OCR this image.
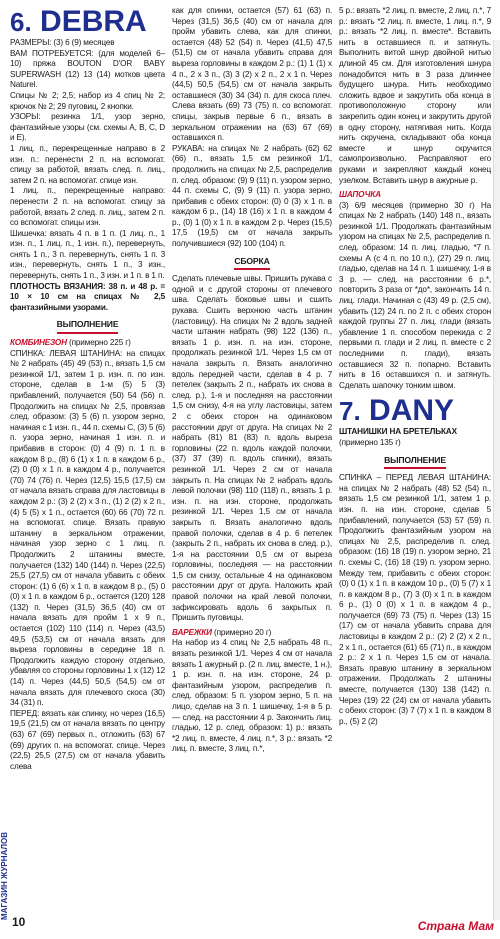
6. DEBRA

РАЗМЕРЫ: (3) 6 (9) месяцев

ВАМ ПОТРЕБУЕТСЯ: (для моделей 6–10) пряжа BOUTON D'OR BABY SUPERWASH (12) 13 (14) мотков цвета Naturel.

Спицы № 2; 2,5; набор из 4 спиц № 2; крючок № 2; 29 пуговиц, 2 кнопки.

УЗОРЫ: резинка 1/1, узор зерно, фантазийные узоры (см. схемы А, В, С, D и Е).

1 лиц. п., перекрещенные направо в 2 изн. п.: перенести 2 п. на вспомогат. спицу за работой, вязать след. п. лиц., затем 2 п. на вспомогат. спице изн.

1 лиц. п., перекрещенные направо: перенести 2 п. на вспомогат. спицу за работой, вязать 2 след. п. лиц., затем 2 п. со вспомогат. спицы изн.

Шишечка: вязать 4 п. в 1 п. (1 лиц. п., 1 изн. п., 1 лиц. п., 1 изн. п.), перевернуть, снять 1 п., 3 п. перевернуть, снять 1 п. 3 изн., перевернуть, снять 1 п., 3 изн., перевернуть, снять 1 п., 3 изн. и 1 п. в 1 п.

ПЛОТНОСТЬ ВЯЗАНИЯ: 38 п. и 48 р. = 10 × 10 см на спицах № 2,5 фантазийными узорами.

ВЫПОЛНЕНИЕ

КОМБИНЕЗОН (примерно 225 г)

СПИНКА: ЛЕВАЯ ШТАНИНА: на спицах № 2 набрать (45) 49 (53) п., вязать 1,5 см резинкой 1/1, затем 1 р. изн. п. по изн. стороне, сделав в 1-м (5) 5 (3) прибавлений, получается (50) 54 (56) п. Продолжить на спицах № 2,5, провязав след. образом: (3) 5 (6) п. узором зерно, начиная с 1 изн. п., 44 п. схемы С, (3) 5 (6) п. узора зерно, начиная 1 изн. п. и прибавив в сторон: (0) 4 (9) п. 1 п. в каждом 8 р., (8) 6 (1) х 1 п. в каждом 6 р., (2) 0 (0) х 1 п. в каждом 4 р., получается (70) 74 (76) п. Через (12,5) 15,5 (17,5) см от начала вязать справа для ластовицы в каждом 2 р.: (3) 2 (2) х 3 п., (1) 2 (2) х 2 п., (4) 5 (5) х 1 п., остается (60) 66 (70) 72 п. на вспомогат. спице. Вязать правую штанину в зеркальном отражении, начиная узор зерно с 1 лиц. п. Продолжить 2 штанины вместе, получается (132) 140 (144) п. Через (22,5) 25,5 (27,5) см от начала убавить с обеих сторон: (1) 6 (6) х 1 п. в каждом 8 р., (5) 0 (0) х 1 п. в каждом 6 р., остается (120) 128 (132) п. Через (31,5) 36,5 (40) см от начала вязать для пройм 1 х 9 п., остается (102) 110 (114) п. Через (43,5) 49,5 (53,5) см от начала вязать для выреза горловины в середине 18 п. Продолжить каждую сторону отдельно, убавляя со стороны горловины 1 х (12) 12 (14) п. Через (44,5) 50,5 (54,5) см от начала вязать для плечевого скоса (30) 34 (31) п.

ПЕРЕД: вязать как спинку, но через (16,5) 19,5 (21,5) см от начала вязать по центру (63) 67 (69) первых п., отложить (63) 67 (69) других п. на вспомогат. спице. Через (22,5) 25,5 (27,5) см от начала убавить слева

как для спинки, остается (57) 61 (63) п. Через (31,5) 36,5 (40) см от начала для пройм убавить слева, как для спинки, остается (48) 52 (54) п. Через (41,5) 47,5 (51,5) см от начала убавить справа для выреза горловины в каждом 2 р.: (1) 1 (1) х 4 п., 2 х 3 п., (3) 3 (2) х 2 п., 2 х 1 п. Через (44,5) 50,5 (54,5) см от начала закрыть оставшиеся (30) 34 (34) п. для скоса плеч. Слева вязать (69) 73 (75) п. со вспомогат. спицы, закрыв первые 6 п., вязать в зеркальном отражении на (63) 67 (69) оставшихся п.

РУКАВА: на спицах № 2 набрать (62) 62 (66) п., вязать 1,5 см резинкой 1/1, продолжить на спицах № 2,5, распределив п. след. образом: (9) 9 (11) п. узором зерно, 44 п. схемы С, (9) 9 (11) п. узора зерно, прибавив с обеих сторон: (0) 0 (3) х 1 п. в каждом 6 р., (14) 18 (16) х 1 п. в каждом 4 р., (0) 1 (0) х 1 п. в каждом 2 р. Через (15,5) 17,5 (19,5) см от начала закрыть получившиеся (92) 100 (104) п.

СБОРКА

Сделать плечевые швы. Пришить рукава с одной и с другой стороны от плечевого шва. Сделать боковые швы и сшить рукава. Сшить верхнюю часть штанин (ластовицу). На спицах № 2 вдоль задней части штанин набрать (98) 122 (136) п., вязать 1 р. изн. п. на изн. стороне, продолжать резинкой 1/1. Через 1,5 см от начала закрыть п. Вязать аналогично вдоль передней части, сделав в 4 р. 7 петелек (закрыть 2 п., набрать их снова в след. р.), 1-я и последняя на расстоянии 1,5 см снизу, 4-я на углу ластовицы, затем 2 с обеих сторон на одинаковом расстоянии друг от друга. На спицах № 2 набрать (81) 81 (83) п. вдоль выреза горловины (22 п. вдоль каждой полочки, (37) 37 (39) п. вдоль спинки), вязать резинкой 1/1. Через 2 см от начала закрыть п. На спицах № 2 набрать вдоль левой полочки (98) 110 (118) п., вязать 1 р. изн. п. на изн. стороне, продолжать резинкой 1/1. Через 1,5 см от начала закрыть п. Вязать аналогично вдоль правой полочки, сделав в 4 р. 6 петелек (закрыть 2 п., набрать их снова в след. р.), 1-я на расстоянии 0,5 см от выреза горловины, последняя — на расстоянии 1,5 см снизу, остальные 4 на одинаковом расстоянии друг от друга. Наложить край правой полочки на край левой полочки, зафиксировать вдоль 6 закрытых п. Пришить пуговицы.

ВАРЕЖКИ (примерно 20 г)

На набор из 4 спиц № 2,5 набрать 48 п., вязать резинкой 1/1. Через 4 см от начала вязать 1 ажурный р. (2 п. лиц. вместе, 1 н.), 1 р. изн. п. на изн. стороне, 24 р. фантазийным узором, распределив п. след. образом: 5 п. узором зерно, 5 п. на лицо, сделав на 3 п. 1 шишечку, 1-я в 5 р. — след. на расстоянии 4 р. Закончить лиц. гладью, 12 р. след. образом: 1) р.: вязать *2 лиц. п. вместе, 4 лиц. п.*, 3 р.: вязать *2 лиц. п. вместе, 3 лиц. п.*,

5 р.: вязать *2 лиц. п. вместе, 2 лиц. п.*, 7 р.: вязать *2 лиц. п. вместе, 1 лиц. п.*, 9 р.: вязать *2 лиц. п. вместе*. Вставить нить в оставшиеся п. и затянуть. Выполнить витой шнур двойной нитью длиной 45 см. Для изготовления шнура понадобится нить в 3 раза длиннее будущего шнура. Нить необходимо сложить вдвое и закрутить оба конца в противоположную сторону или закрепить один конец и закрутить другой в одну сторону, натягивая нить. Когда нить скручена, складывают оба конца вместе и шнур скручится самопроизвольно. Расправляют его руками и закрепляют каждый конец узелком. Вставить шнур в ажурные р.

ШАПОЧКА

(3) 6/9 месяцев (примерно 30 г) На спицах № 2 набрать (140) 148 п., вязать резинкой 1/1. Продолжать фантазийным узором на спицах № 2,5, распределив п. след. образом: 14 п. лиц. гладью, *7 п. схемы А (с 4 п. по 10 п.), (27) 29 п. лиц. гладью, сделав на 14 п. 1 шишечку, 1-я в 3 р. — след. на расстоянии 6 р.*, повторить 3 раза от *до*, закончить 14 п. лиц. глади. Начиная с (43) 49 р. (2,5 см), убавить (12) 24 п. по 2 п. с обеих сторон каждой группы 27 п. лиц. глади (вязать убавление 1 п. способом перекида с 2 первыми п. глади и 2 лиц. п. вместе с 2 последними п. глади), вязать оставшиеся 32 п. попарно. Вставить нить в 16 оставшихся п. и затянуть. Сделать шапочку тонким швом.

7. DANY

ШТАНИШКИ НА БРЕТЕЛЬКАХ

(примерно 135 г)

ВЫПОЛНЕНИЕ

СПИНКА – ПЕРЕД ЛЕВАЯ ШТАНИНА: на спицах № 2 набрать (48) 52 (54) п., вязать 1,5 см резинкой 1/1, затем 1 р. изн. п. на изн. стороне, сделав 5 прибавлений, получается (53) 57 (59) п. Продолжить фантазийным узором на спицах № 2,5, распределив п. след. образом: (16) 18 (19) п. узором зерно, 21 п. схемы С, (16) 18 (19) п. узором зерно. Между тем, прибавить с обеих сторон: (0) 0 (1) х 1 п. в каждом 10 р., (0) 5 (7) х 1 п. в каждом 8 р., (7) 3 (0) х 1 п. в каждом 6 р., (1) 0 (0) х 1 п. в каждом 4 р., получается (69) 73 (75) п. Через (13) 15 (17) см от начала убавить справа для ластовицы в каждом 2 р.: (2) 2 (2) х 2 п., 2 х 1 п., остается (61) 65 (71) п., в каждом 2 р.: 2 х 1 п. Через 1,5 см от начала. Вязать правую штанину в зеркальном отражении. Продолжать 2 штанины вместе, получается (130) 138 (142) п. Через (19) 22 (24) см от начала убавить с обеих сторон: (3) 7 (7) х 1 п. в каждом 8 р., (5) 2 (2)

МАГАЗИН ЖУРНАЛОВ
10	Страна Мам
